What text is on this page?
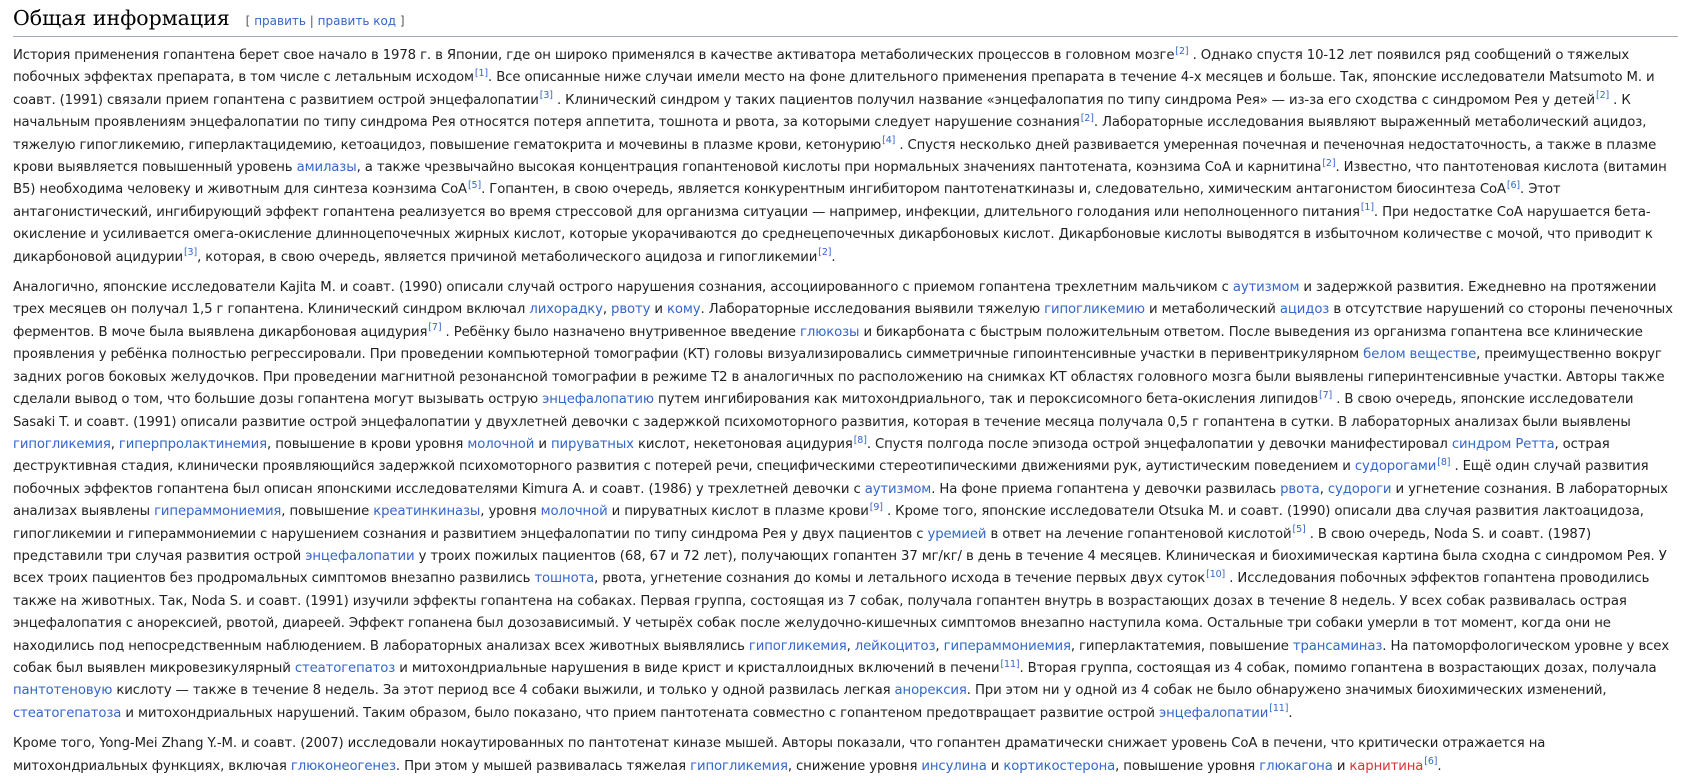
Общая информация [ править | править код ]

История применения гопантена берет свое начало в 1978 г. в Японии, где он широко применялся в качестве активатора метаболических процессов в головном мозге[2] . Однако спустя 10-12 лет появился ряд сообщений о тяжелых побочных эффектах препарата, в том числе с летальным исходом[1]. Все описанные ниже случаи имели место на фоне длительного применения препарата в течение 4-х месяцев и больше. Так, японские исследователи Matsumoto M. и соавт. (1991) связали прием гопантена с развитием острой энцефалопатии[3] . Клинический синдром у таких пациентов получил название «энцефалопатия по типу синдрома Рея» — из-за его сходства с синдромом Рея у детей[2] . К начальным проявлениям энцефалопатии по типу синдрома Рея относятся потеря аппетита, тошнота и рвота, за которыми следует нарушение сознания[2]. Лабораторные исследования выявляют выраженный метаболический ацидоз, тяжелую гипогликемию, гиперлактацидемию, кетоацидоз, повышение гематокрита и мочевины в плазме крови, кетонурию[4] . Спустя несколько дней развивается умеренная почечная и печеночная недостаточность, а также в плазме крови выявляется повышенный уровень амилазы, а также чрезвычайно высокая концентрация гопантеновой кислоты при нормальных значениях пантотената, коэнзима CoA и карнитина[2]. Известно, что пантотеновая кислота (витамин B5) необходима человеку и животным для синтеза коэнзима CoA[5]. Гопантен, в свою очередь, является конкурентным ингибитором пантотенаткиназы и, следовательно, химическим антагонистом биосинтеза CoA[6]. Этот антагонистический, ингибирующий эффект гопантена реализуется во время стрессовой для организма ситуации — например, инфекции, длительного голодания или неполноценного питания[1]. При недостатке CoA нарушается бета-окисление и усиливается омега-окисление длинноцепочечных жирных кислот, которые укорачиваются до среднецепочечных дикарбоновых кислот. Дикарбоновые кислоты выводятся в избыточном количестве с мочой, что приводит к дикарбоновой ацидурии[3], которая, в свою очередь, является причиной метаболического ацидоза и гипогликемии[2].

Аналогично, японские исследователи Kajita M. и соавт. (1990) описали случай острого нарушения сознания, ассоциированного с приемом гопантена трехлетним мальчиком с аутизмом и задержкой развития. Ежедневно на протяжении трех месяцев он получал 1,5 г гопантена. Клинический синдром включал лихорадку, рвоту и кому. Лабораторные исследования выявили тяжелую гипогликемию и метаболический ацидоз в отсутствие нарушений со стороны печеночных ферментов. В моче была выявлена дикарбоновая ацидурия[7] . Ребёнку было назначено внутривенное введение глюкозы и бикарбоната с быстрым положительным ответом. После выведения из организма гопантена все клинические проявления у ребёнка полностью регрессировали. При проведении компьютерной томографии (КТ) головы визуализировались симметричные гипоинтенсивные участки в перивентрикулярном белом веществе, преимущественно вокруг задних рогов боковых желудочков. При проведении магнитной резонансной томографии в режиме Т2 в аналогичных по расположению на снимках КТ областях головного мозга были выявлены гиперинтенсивные участки. Авторы также сделали вывод о том, что большие дозы гопантена могут вызывать острую энцефалопатию путем ингибирования как митохондриального, так и пероксисомного бета-окисления липидов[7] . В свою очередь, японские исследователи Sasaki T. и соавт. (1991) описали развитие острой энцефалопатии у двухлетней девочки с задержкой психомоторного развития, которая в течение месяца получала 0,5 г гопантена в сутки. В лабораторных анализах были выявлены гипогликемия, гиперпролактинемия, повышение в крови уровня молочной и пирувaтных кислот, некетоновая ацидурия[8]. Спустя полгода после эпизода острой энцефалопатии у девочки манифестировал синдром Ретта, острая деструктивная стадия, клинически проявляющийся задержкой психомоторного развития с потерей речи, специфическими стереотипическими движениями рук, аутистическим поведением и судорогами[8] . Ещё один случай развития побочных эффектов гопантена был описан японскими исследователями Kimura A. и соавт. (1986) у трехлетней девочки с аутизмом. На фоне приема гопантена у девочки развилась рвота, судороги и угнетение сознания. В лабораторных анализах выявлены гипераммониемия, повышение креатинкиназы, уровня молочной и пирувaтных кислот в плазме крови[9] . Кроме того, японские исследователи Otsuka M. и соавт. (1990) описали два случая развития лактоацидоза, гипогликемии и гипераммониемии с нарушением сознания и развитием энцефалопатии по типу синдрома Рея у двух пациентов с уремией в ответ на лечение гопантеновой кислотой[5] . В свою очередь, Noda S. и соавт. (1987) представили три случая развития острой энцефалопатии у троих пожилых пациентов (68, 67 и 72 лет), получающих гопантен 37 мг/кг/ в день в течение 4 месяцев. Клиническая и биохимическая картина была сходна с синдромом Рея. У всех троих пациентов без продромальных симптомов внезапно развились тошнота, рвота, угнетение сознания до комы и летального исхода в течение первых двух суток[10] . Исследования побочных эффектов гопантена проводились также на животных. Так, Noda S. и соавт. (1991) изучили эффекты гопантена на собаках. Первая группа, состоящая из 7 собак, получала гопантен внутрь в возрастающих дозах в течение 8 недель. У всех собак развивалась острая энцефалопатия с анорексией, рвотой, диареей. Эффект гопанена был дозозависимый. У четырёх собак после желудочно-кишечных симптомов внезапно наступила кома. Остальные три собаки умерли в тот момент, когда они не находились под непосредственным наблюдением. В лабораторных анализах всех животных выявлялись гипогликемия, лейкоцитоз, гипераммониемия, гиперлактатемия, повышение трансаминаз. На патоморфологическом уровне у всех собак был выявлен микровезикулярный стеатогепатоз и митохондриальные нарушения в виде крист и кристаллоидных включений в печени[11]. Вторая группа, состоящая из 4 собак, помимо гопантена в возрастающих дозах, получала пантотеновую кислоту — также в течение 8 недель. За этот период все 4 собаки выжили, и только у одной развилась легкая анорексия. При этом ни у одной из 4 собак не было обнаружено значимых биохимических изменений, стеатогепатоза и митохондриальных нарушений. Таким образом, было показано, что прием пантотената совместно с гопантеном предотвращает развитие острой энцефалопатии[11].

Кроме того, Yong-Mei Zhang Y.-M. и соавт. (2007) исследовали нокаутированных по пантотенат киназе мышей. Авторы показали, что гопантен драматически снижает уровень CoA в печени, что критически отражается на митохондриальных функциях, включая глюконеогенез. При этом у мышей развивалась тяжелая гипогликемия, снижение уровня инсулина и кортикостерона, повышение уровня глюкагона и карнитина[6].
